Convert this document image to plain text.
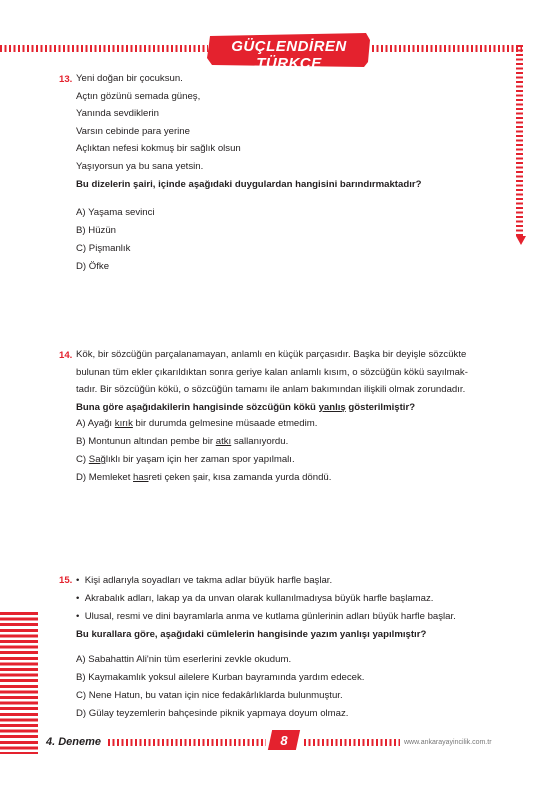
GÜÇLENDİREN TÜRKÇE
13. Yeni doğan bir çocuksun.
Açtın gözünü semada güneş,
Yanında sevdiklerin
Varsın cebinde para yerine
Açlıktan nefesi kokmuş bir sağlık olsun
Yaşıyorsun ya bu sana yetsin.
Bu dizelerin şairi, içinde aşağıdaki duygulardan hangisini barındırmaktadır?
A) Yaşama sevinci
B) Hüzün
C) Pişmanlık
D) Öfke
14. Kök, bir sözcüğün parçalanamayan, anlamlı en küçük parçasıdır. Başka bir deyişle sözcükte
bulunan tüm ekler çıkarıldıktan sonra geriye kalan anlamlı kısım, o sözcüğün kökü sayılmak-
tadır. Bir sözcüğün kökü, o sözcüğün tamamı ile anlam bakımından ilişkili olmak zorundadır.
Buna göre aşağıdakilerin hangisinde sözcüğün kökü yanlış gösterilmiştir?
A) Ayağı kırık bir durumda gelmesine müsaade etmedim.
B) Montunun altından pembe bir atkı sallanıyordu.
C) Sağlıklı bir yaşam için her zaman spor yapılmalı.
D) Memleket hasreti çeken şair, kısa zamanda yurda döndü.
15. •  Kişi adlarıyla soyadları ve takma adlar büyük harfle başlar.
•  Akrabalık adları, lakap ya da unvan olarak kullanılmadıysa büyük harfle başlamaz.
•  Ulusal, resmi ve dini bayramlarla anma ve kutlama günlerinin adları büyük harfle başlar.
Bu kurallara göre, aşağıdaki cümlelerin hangisinde yazım yanlışı yapılmıştır?
A) Sabahattin Ali'nin tüm eserlerini zevkle okudum.
B) Kaymakamlık yoksul ailelere Kurban bayramında yardım edecek.
C) Nene Hatun, bu vatan için nice fedakârlıklarda bulunmuştur.
D) Gülay teyzemlerin bahçesinde piknik yapmaya doyum olmaz.
4. Deneme	8	www.ankarayayincilik.com.tr
